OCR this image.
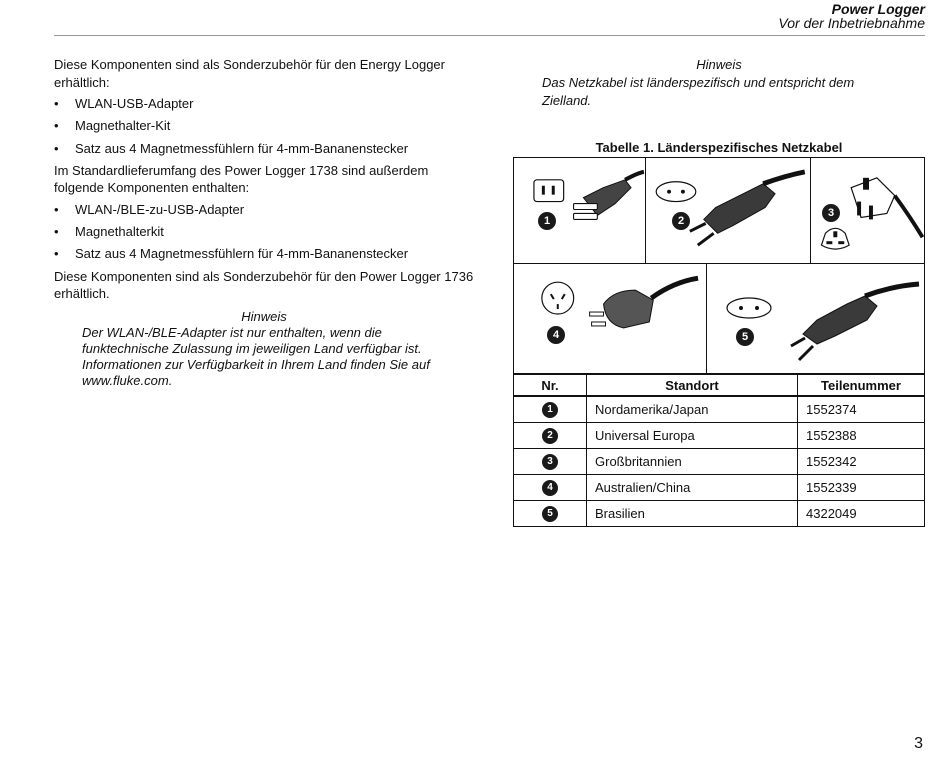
Power Logger
Vor der Inbetriebnahme

Diese Komponenten sind als Sonderzubehör für den Energy Logger erhältlich:

• WLAN-USB-Adapter
• Magnethalter-Kit
• Satz aus 4 Magnetmessfühlern für 4-mm-Bananenstecker

Im Standardlieferumfang des Power Logger 1738 sind außerdem folgende Komponenten enthalten:

• WLAN-/BLE-zu-USB-Adapter
• Magnethalterkit
• Satz aus 4 Magnetmessfühlern für 4-mm-Bananenstecker

Diese Komponenten sind als Sonderzubehör für den Power Logger 1736 erhältlich.

Hinweis
Der WLAN-/BLE-Adapter ist nur enthalten, wenn die funktechnische Zulassung im jeweiligen Land verfügbar ist. Informationen zur Verfügbarkeit in Ihrem Land finden Sie auf www.fluke.com.
Hinweis
Das Netzkabel ist länderspezifisch und entspricht dem Zielland.
Tabelle 1. Länderspezifisches Netzkabel
1	2
3
4	5
Nr.	Standort	Teilenummer
1	Nordamerika/Japan	1552374
2	Universal Europa	1552388
3	Großbritannien	1552342
4	Australien/China	1552339
5	Brasilien	4322049
3
